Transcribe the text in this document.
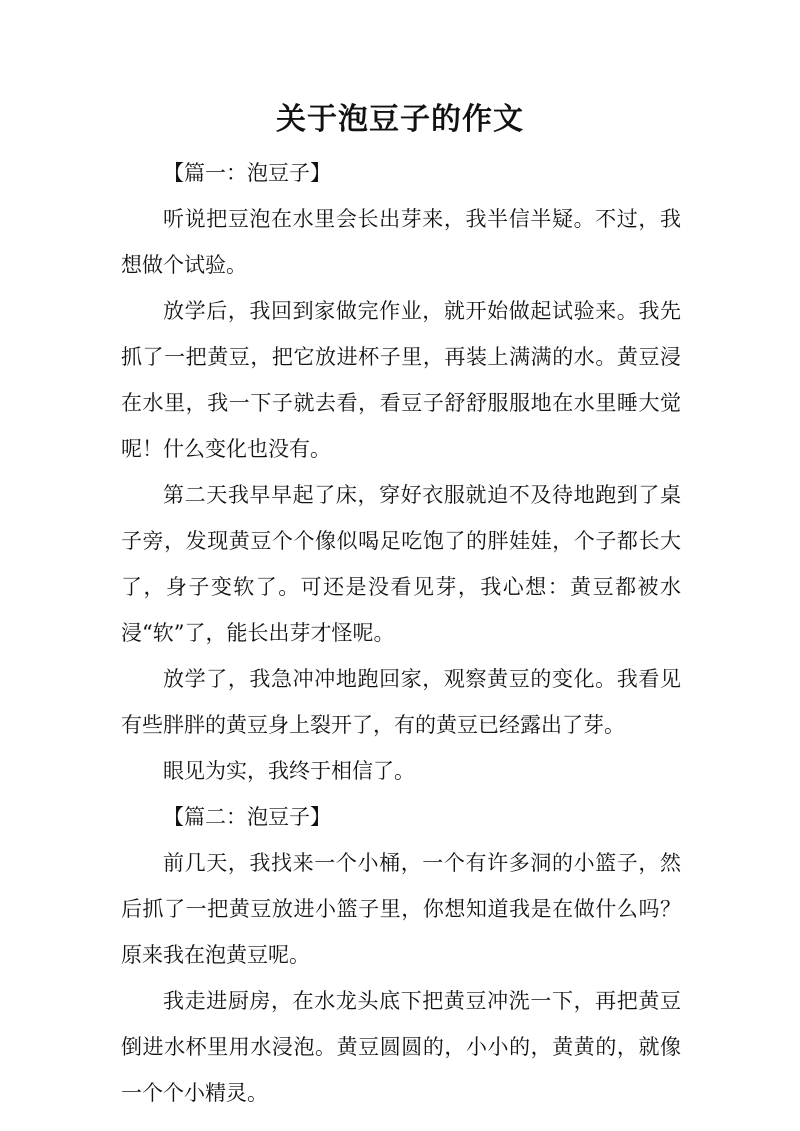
关于泡豆子的作文

【篇一：泡豆子】

听说把豆泡在水里会长出芽来，我半信半疑。不过，我想做个试验。

放学后，我回到家做完作业，就开始做起试验来。我先抓了一把黄豆，把它放进杯子里，再装上满满的水。黄豆浸在水里，我一下子就去看，看豆子舒舒服服地在水里睡大觉呢！什么变化也没有。

第二天我早早起了床，穿好衣服就迫不及待地跑到了桌子旁，发现黄豆个个像似喝足吃饱了的胖娃娃，个子都长大了，身子变软了。可还是没看见芽，我心想：黄豆都被水浸“软”了，能长出芽才怪呢。

放学了，我急冲冲地跑回家，观察黄豆的变化。我看见有些胖胖的黄豆身上裂开了，有的黄豆已经露出了芽。

眼见为实，我终于相信了。

【篇二：泡豆子】

前几天，我找来一个小桶，一个有许多洞的小篮子，然后抓了一把黄豆放进小篮子里，你想知道我是在做什么吗？原来我在泡黄豆呢。

我走进厨房，在水龙头底下把黄豆冲洗一下，再把黄豆倒进水杯里用水浸泡。黄豆圆圆的，小小的，黄黄的，就像一个个小精灵。
